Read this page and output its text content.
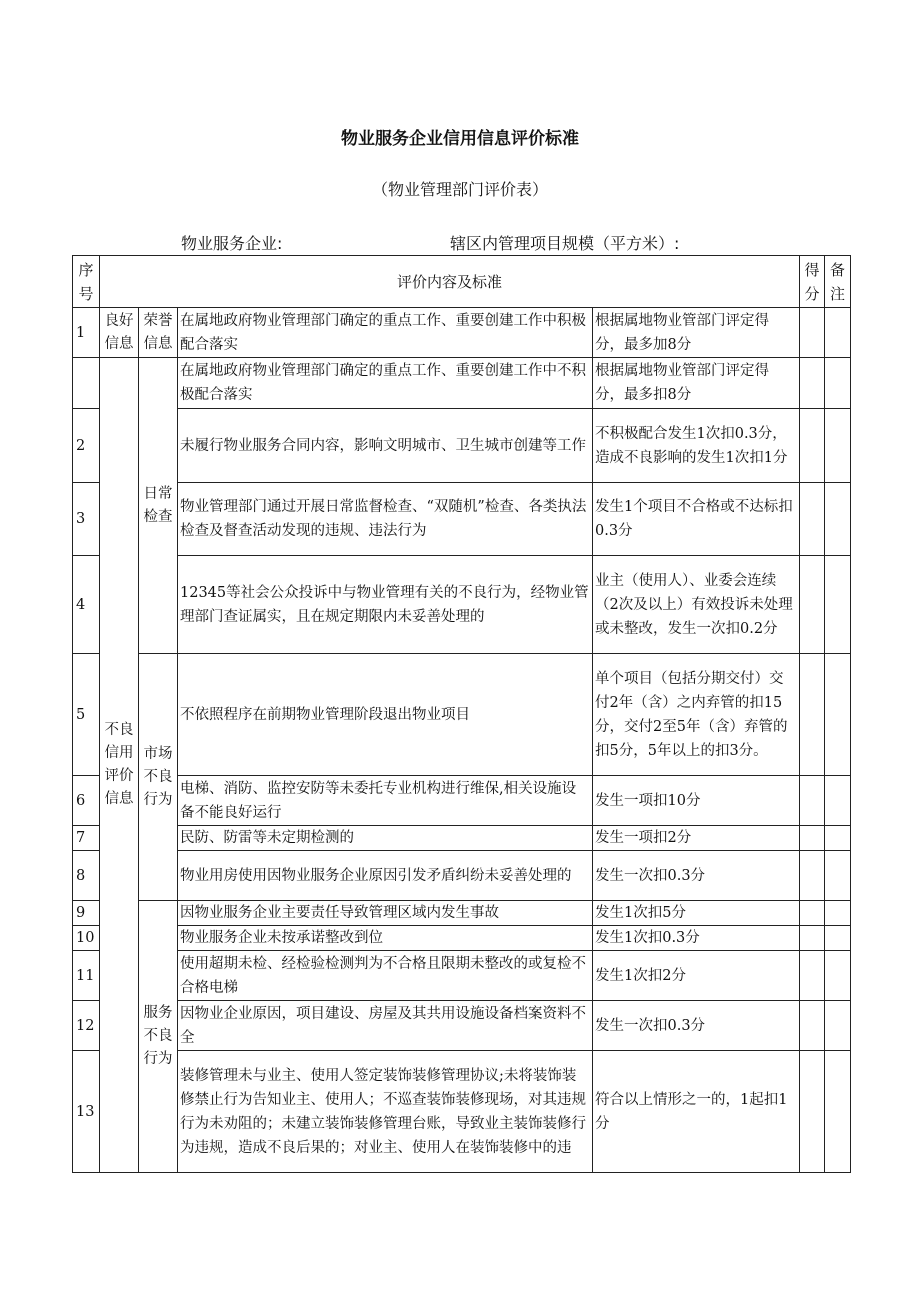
物业服务企业信用信息评价标准
（物业管理部门评价表）
物业服务企业:	辖区内管理项目规模（平方米）:
序号	评价内容及标准				得分	备注
1	良好信息	荣誉信息	在属地政府物业管理部门确定的重点工作、重要创建工作中积极配合落实	根据属地物业管部门评定得分，最多加8分		
	不良信用评价信息	日常检查	在属地政府物业管理部门确定的重点工作、重要创建工作中不积极配合落实	根据属地物业管部门评定得分，最多扣8分		
2			未履行物业服务合同内容，影响文明城市、卫生城市创建等工作	不积极配合发生1次扣0.3分，造成不良影响的发生1次扣1分		
3			物业管理部门通过开展日常监督检查、“双随机”检查、各类执法检查及督查活动发现的违规、违法行为	发生1个项目不合格或不达标扣0.3分		
4			12345等社会公众投诉中与物业管理有关的不良行为，经物业管理部门查证属实，且在规定期限内未妥善处理的	业主（使用人）、业委会连续（2次及以上）有效投诉未处理或未整改，发生一次扣0.2分		
5		市场不良行为	不依照程序在前期物业管理阶段退出物业项目	单个项目（包括分期交付）交付2年（含）之内弃管的扣15分，交付2至5年（含）弃管的扣5分，5年以上的扣3分。		
6			电梯、消防、监控安防等未委托专业机构进行维保,相关设施设备不能良好运行	发生一项扣10分		
7			民防、防雷等未定期检测的	发生一项扣2分		
8			物业用房使用因物业服务企业原因引发矛盾纠纷未妥善处理的	发生一次扣0.3分		
9		服务不良行为	因物业服务企业主要责任导致管理区域内发生事故	发生1次扣5分		
10			物业服务企业未按承诺整改到位	发生1次扣0.3分		
11			使用超期未检、经检验检测判为不合格且限期未整改的或复检不合格电梯	发生1次扣2分		
12			因物业企业原因，项目建设、房屋及其共用设施设备档案资料不全	发生一次扣0.3分		
13			装修管理未与业主、使用人签定装饰装修管理协议;未将装饰装修禁止行为告知业主、使用人；不巡查装饰装修现场，对其违规行为未劝阻的；未建立装饰装修管理台账，导致业主装饰装修行为违规，造成不良后果的；对业主、使用人在装饰装修中的违	符合以上情形之一的，1起扣1分		
